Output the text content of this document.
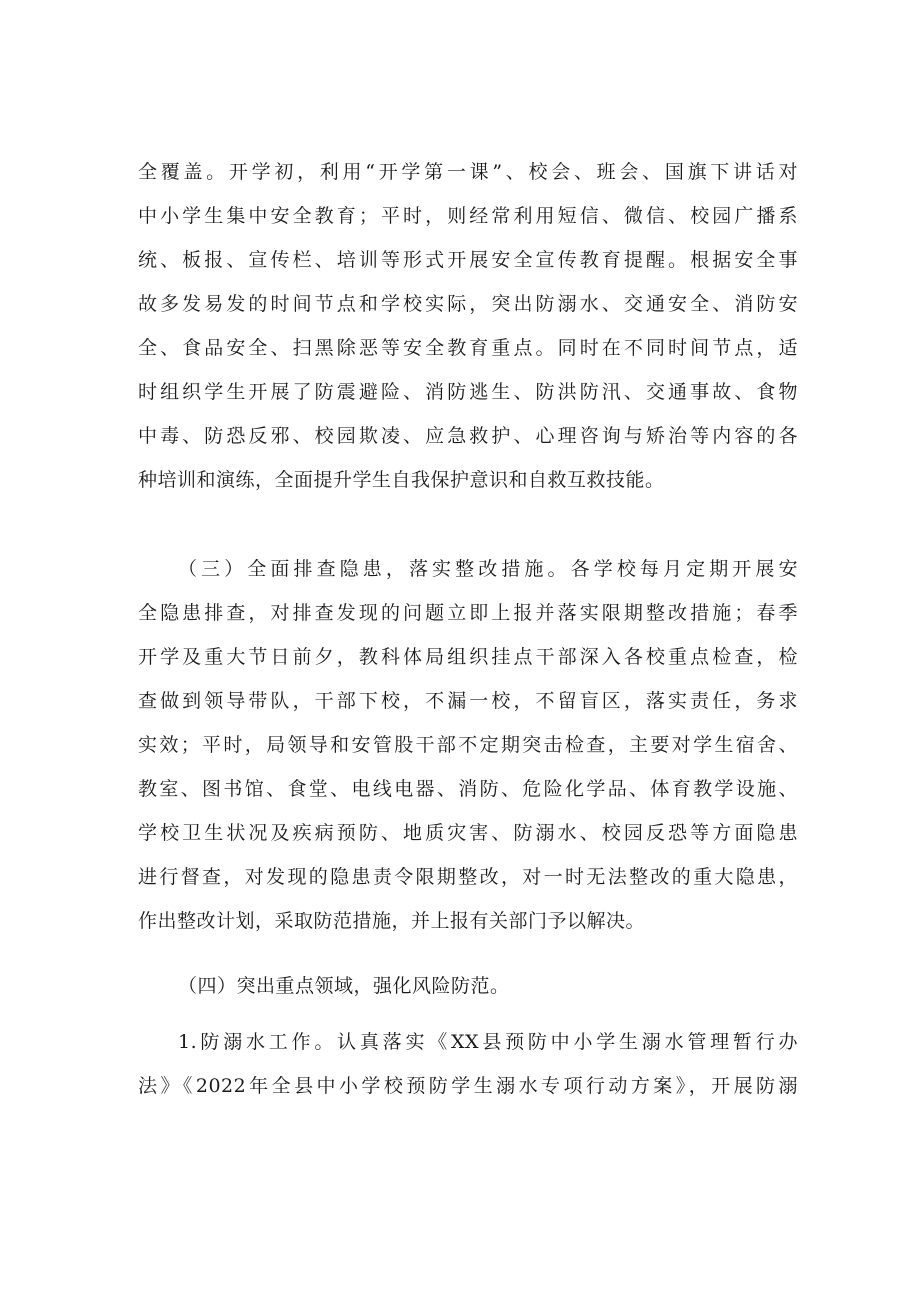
全覆盖。开学初，利用“开学第一课”、校会、班会、国旗下讲话对
中小学生集中安全教育；平时，则经常利用短信、微信、校园广播系
统、板报、宣传栏、培训等形式开展安全宣传教育提醒。根据安全事
故多发易发的时间节点和学校实际，突出防溺水、交通安全、消防安
全、食品安全、扫黑除恶等安全教育重点。同时在不同时间节点，适
时组织学生开展了防震避险、消防逃生、防洪防汛、交通事故、食物
中毒、防恐反邪、校园欺凌、应急救护、心理咨询与矫治等内容的各
种培训和演练，全面提升学生自我保护意识和自救互救技能。
（三）全面排查隐患，落实整改措施。各学校每月定期开展安
全隐患排查，对排查发现的问题立即上报并落实限期整改措施；春季
开学及重大节日前夕，教科体局组织挂点干部深入各校重点检查，检
查做到领导带队，干部下校，不漏一校，不留盲区，落实责任，务求
实效；平时，局领导和安管股干部不定期突击检查，主要对学生宿舍、
教室、图书馆、食堂、电线电器、消防、危险化学品、体育教学设施、
学校卫生状况及疾病预防、地质灾害、防溺水、校园反恐等方面隐患
进行督查，对发现的隐患责令限期整改，对一时无法整改的重大隐患，
作出整改计划，采取防范措施，并上报有关部门予以解决。
（四）突出重点领域，强化风险防范。
1.防溺水工作。认真落实《XX县预防中小学生溺水管理暂行办
法》《2022年全县中小学校预防学生溺水专项行动方案》，开展防溺
